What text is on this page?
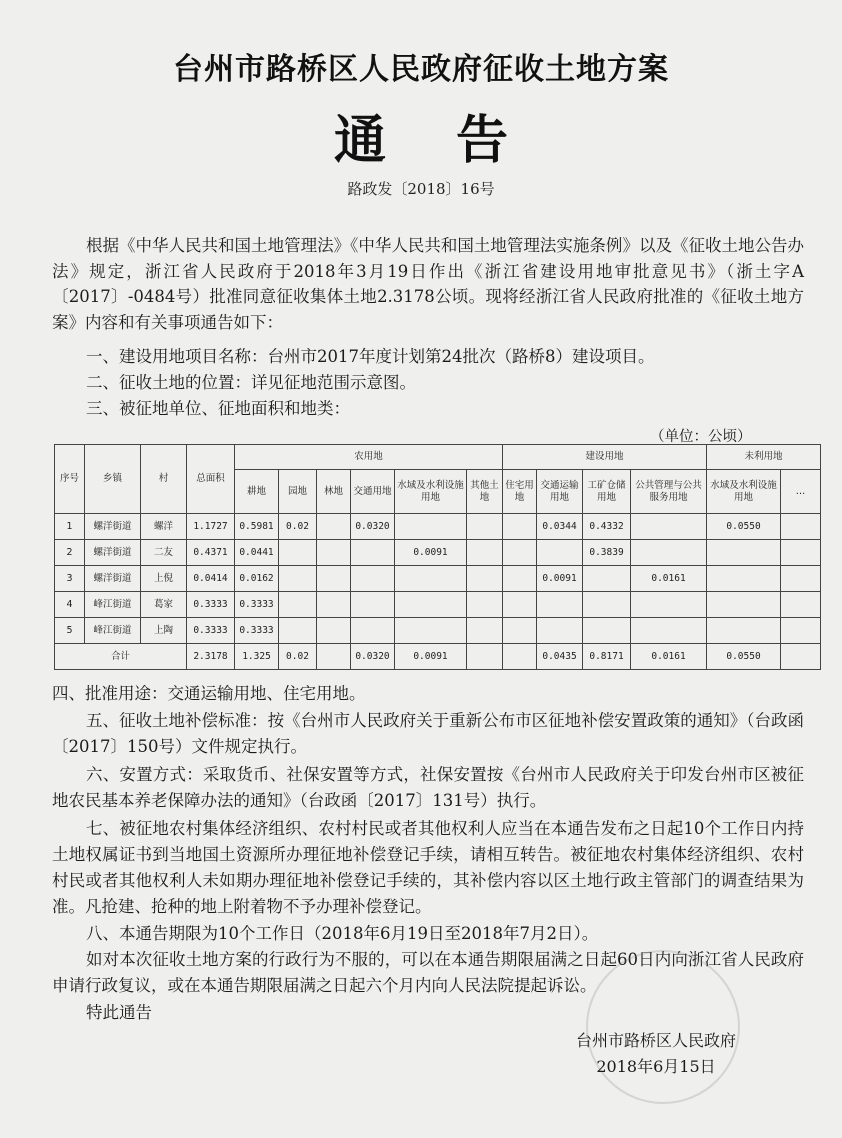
台州市路桥区人民政府征收土地方案
通告
路政发〔2018〕16号
根据《中华人民共和国土地管理法》《中华人民共和国土地管理法实施条例》以及《征收土地公告办法》规定，浙江省人民政府于2018年3月19日作出《浙江省建设用地审批意见书》（浙土字A〔2017〕-0484号）批准同意征收集体土地2.3178公顷。现将经浙江省人民政府批准的《征收土地方案》内容和有关事项通告如下：
一、建设用地项目名称：台州市2017年度计划第24批次（路桥8）建设项目。
二、征收土地的位置：详见征地范围示意图。
三、被征地单位、征地面积和地类：
（单位：公顷）
序号	乡镇	村	总面积	农用地						建设用地				未利用地	
				耕地	园地	林地	交通用地	水域及水利设施用地	其他土地	住宅用地	交通运输用地	工矿仓储用地	公共管理与公共服务用地	水域及水利设施用地	…
1	螺洋街道	螺洋	1.1727	0.5981	0.02		0.0320				0.0344	0.4332		0.0550	
2	螺洋街道	二友	0.4371	0.0441				0.0091				0.3839			
3	螺洋街道	上倪	0.0414	0.0162							0.0091		0.0161		
4	峰江街道	葛家	0.3333	0.3333											
5	峰江街道	上陶	0.3333	0.3333											
合计			2.3178	1.325	0.02		0.0320	0.0091			0.0435	0.8171	0.0161	0.0550	
四、批准用途：交通运输用地、住宅用地。
五、征收土地补偿标准：按《台州市人民政府关于重新公布市区征地补偿安置政策的通知》（台政函〔2017〕150号）文件规定执行。
六、安置方式：采取货币、社保安置等方式，社保安置按《台州市人民政府关于印发台州市区被征地农民基本养老保障办法的通知》（台政函〔2017〕131号）执行。
七、被征地农村集体经济组织、农村村民或者其他权利人应当在本通告发布之日起10个工作日内持土地权属证书到当地国土资源所办理征地补偿登记手续，请相互转告。被征地农村集体经济组织、农村村民或者其他权利人未如期办理征地补偿登记手续的，其补偿内容以区土地行政主管部门的调查结果为准。凡抢建、抢种的地上附着物不予办理补偿登记。
八、本通告期限为10个工作日（2018年6月19日至2018年7月2日）。
如对本次征收土地方案的行政行为不服的，可以在本通告期限届满之日起60日内向浙江省人民政府申请行政复议，或在本通告期限届满之日起六个月内向人民法院提起诉讼。
特此通告
台州市路桥区人民政府
2018年6月15日
